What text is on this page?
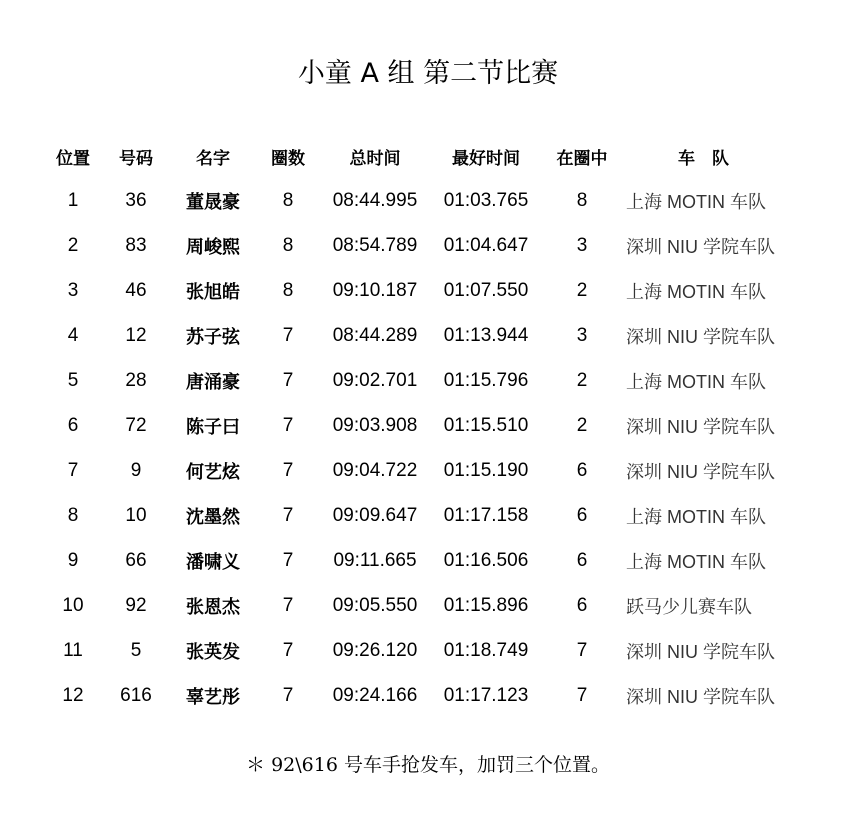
小童 A 组 第二节比赛
位置	号码	名字	圈数	总时间	最好时间	在圈中	车　队
1	36	董晟豪	8	08:44.995	01:03.765	8	上海 MOTIN 车队
2	83	周峻熙	8	08:54.789	01:04.647	3	深圳 NIU 学院车队
3	46	张旭皓	8	09:10.187	01:07.550	2	上海 MOTIN 车队
4	12	苏子弦	7	08:44.289	01:13.944	3	深圳 NIU 学院车队
5	28	唐涌豪	7	09:02.701	01:15.796	2	上海 MOTIN 车队
6	72	陈子曰	7	09:03.908	01:15.510	2	深圳 NIU 学院车队
7	9	何艺炫	7	09:04.722	01:15.190	6	深圳 NIU 学院车队
8	10	沈墨然	7	09:09.647	01:17.158	6	上海 MOTIN 车队
9	66	潘啸义	7	09:11.665	01:16.506	6	上海 MOTIN 车队
10	92	张恩杰	7	09:05.550	01:15.896	6	跃马少儿赛车队
11	5	张英发	7	09:26.120	01:18.749	7	深圳 NIU 学院车队
12	616	辜艺彤	7	09:24.166	01:17.123	7	深圳 NIU 学院车队
＊ 92\616 号车手抢发车，加罚三个位置。
